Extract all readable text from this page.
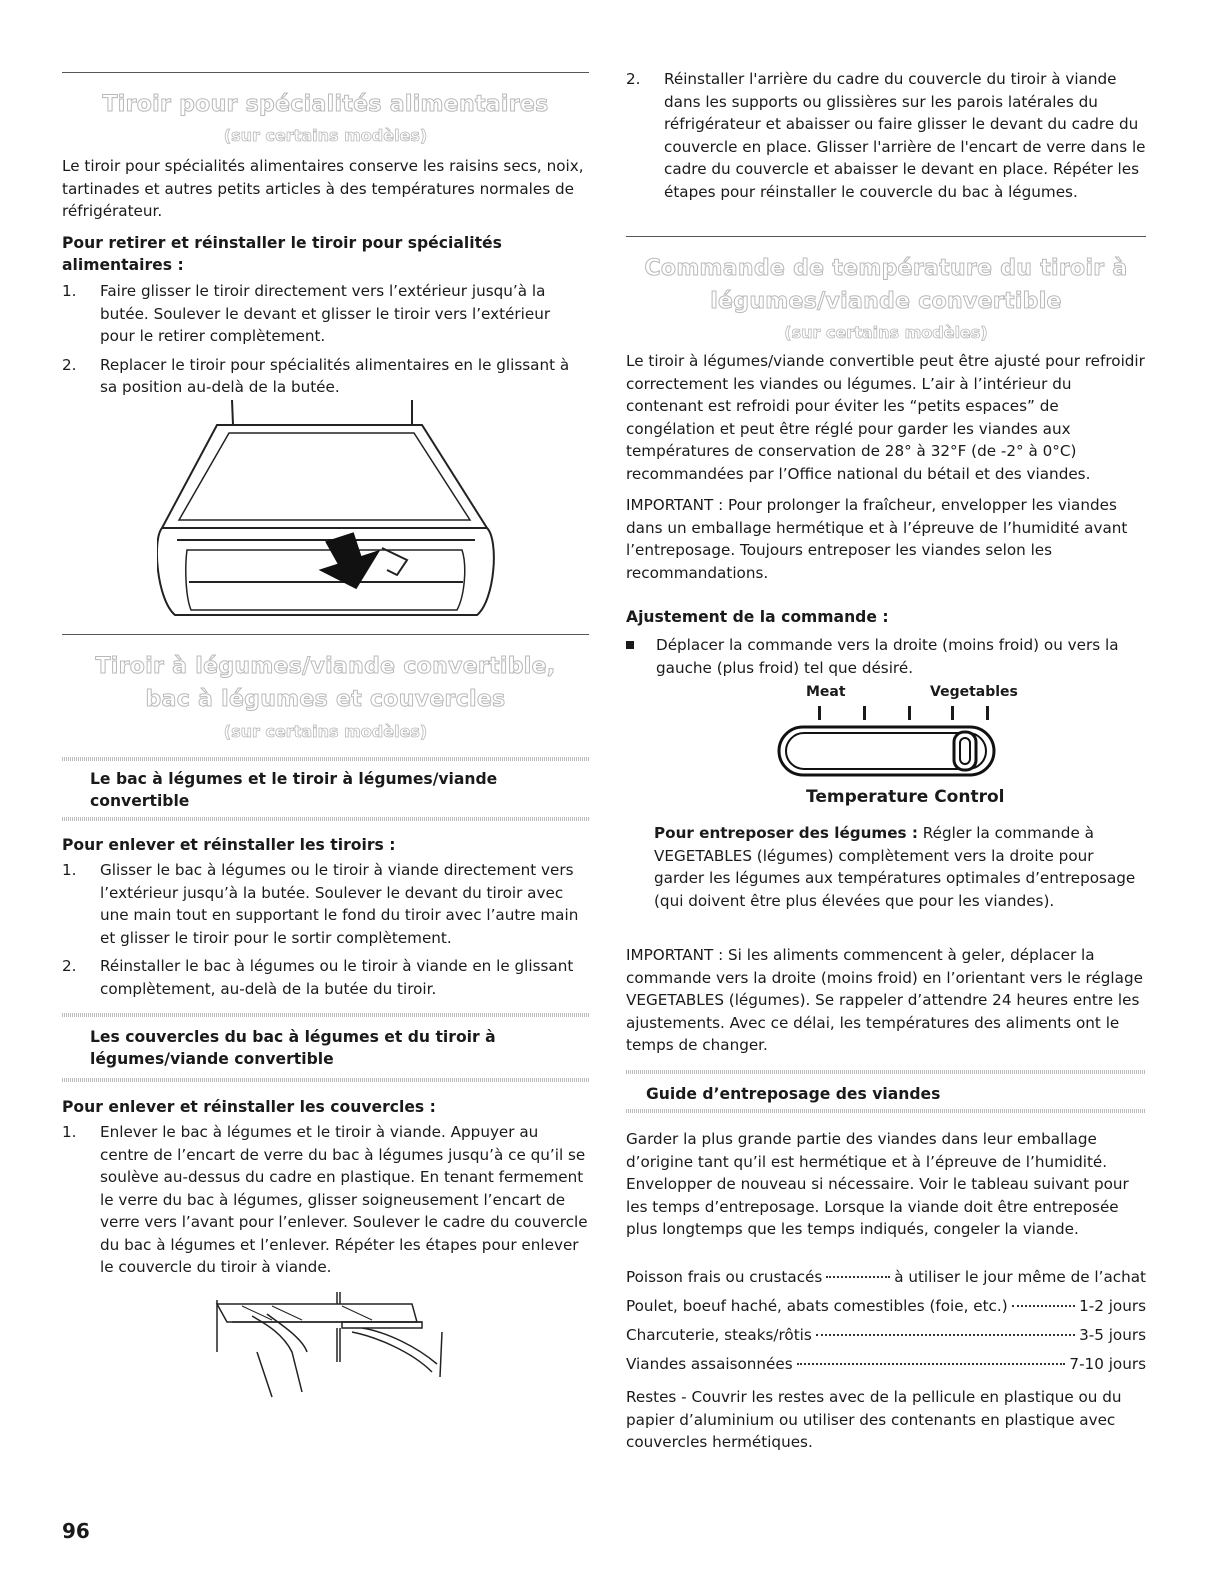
Tiroir pour spécialités alimentaires
(sur certains modèles)

Le tiroir pour spécialités alimentaires conserve les raisins secs, noix, tartinades et autres petits articles à des températures normales de réfrigérateur.

Pour retirer et réinstaller le tiroir pour spécialités alimentaires :

1. Faire glisser le tiroir directement vers l’extérieur jusqu’à la butée. Soulever le devant et glisser le tiroir vers l’extérieur pour le retirer complètement.
2. Replacer le tiroir pour spécialités alimentaires en le glissant à sa position au-delà de la butée.
Tiroir à légumes/viande convertible,
bac à légumes et couvercles
(sur certains modèles)

Le bac à légumes et le tiroir à légumes/viande convertible

Pour enlever et réinstaller les tiroirs :

1. Glisser le bac à légumes ou le tiroir à viande directement vers l’extérieur jusqu’à la butée. Soulever le devant du tiroir avec une main tout en supportant le fond du tiroir avec l’autre main et glisser le tiroir pour le sortir complètement.
2. Réinstaller le bac à légumes ou le tiroir à viande en le glissant complètement, au-delà de la butée du tiroir.

Les couvercles du bac à légumes et du tiroir à légumes/viande convertible

Pour enlever et réinstaller les couvercles :

1. Enlever le bac à légumes et le tiroir à viande. Appuyer au centre de l’encart de verre du bac à légumes jusqu’à ce qu’il se soulève au-dessus du cadre en plastique. En tenant fermement le verre du bac à légumes, glisser soigneusement l’encart de verre vers l’avant pour l’enlever. Soulever le cadre du couvercle du bac à légumes et l’enlever. Répéter les étapes pour enlever le couvercle du tiroir à viande.
2. Réinstaller l'arrière du cadre du couvercle du tiroir à viande dans les supports ou glissières sur les parois latérales du réfrigérateur et abaisser ou faire glisser le devant du cadre du couvercle en place. Glisser l'arrière de l'encart de verre dans le cadre du couvercle et abaisser le devant en place. Répéter les étapes pour réinstaller le couvercle du bac à légumes.
Commande de température du tiroir à
légumes/viande convertible
(sur certains modèles)

Le tiroir à légumes/viande convertible peut être ajusté pour refroidir correctement les viandes ou légumes. L’air à l’intérieur du contenant est refroidi pour éviter les “petits espaces” de congélation et peut être réglé pour garder les viandes aux températures de conservation de 28° à 32°F (de -2° à 0°C) recommandées par l’Office national du bétail et des viandes.

IMPORTANT : Pour prolonger la fraîcheur, envelopper les viandes dans un emballage hermétique et à l’épreuve de l’humidité avant l’entreposage. Toujours entreposer les viandes selon les recommandations.

Ajustement de la commande :

Déplacer la commande vers la droite (moins froid) ou vers la gauche (plus froid) tel que désiré.
Meat	Vegetables
Temperature Control

Pour entreposer des légumes : Régler la commande à VEGETABLES (légumes) complètement vers la droite pour garder les légumes aux températures optimales d’entreposage (qui doivent être plus élevées que pour les viandes).

IMPORTANT : Si les aliments commencent à geler, déplacer la commande vers la droite (moins froid) en l’orientant vers le réglage VEGETABLES (légumes). Se rappeler d’attendre 24 heures entre les ajustements. Avec ce délai, les températures des aliments ont le temps de changer.

Guide d’entreposage des viandes

Garder la plus grande partie des viandes dans leur emballage d’origine tant qu’il est hermétique et à l’épreuve de l’humidité. Envelopper de nouveau si nécessaire. Voir le tableau suivant pour les temps d’entreposage. Lorsque la viande doit être entreposée plus longtemps que les temps indiqués, congeler la viande.

Poisson frais ou crustacés	à utiliser le jour même de l’achat
Poulet, boeuf haché, abats comestibles (foie, etc.)	1-2 jours
Charcuterie, steaks/rôtis	3-5 jours
Viandes assaisonnées	7-10 jours

Restes - Couvrir les restes avec de la pellicule en plastique ou du papier d’aluminium ou utiliser des contenants en plastique avec couvercles hermétiques.

96
